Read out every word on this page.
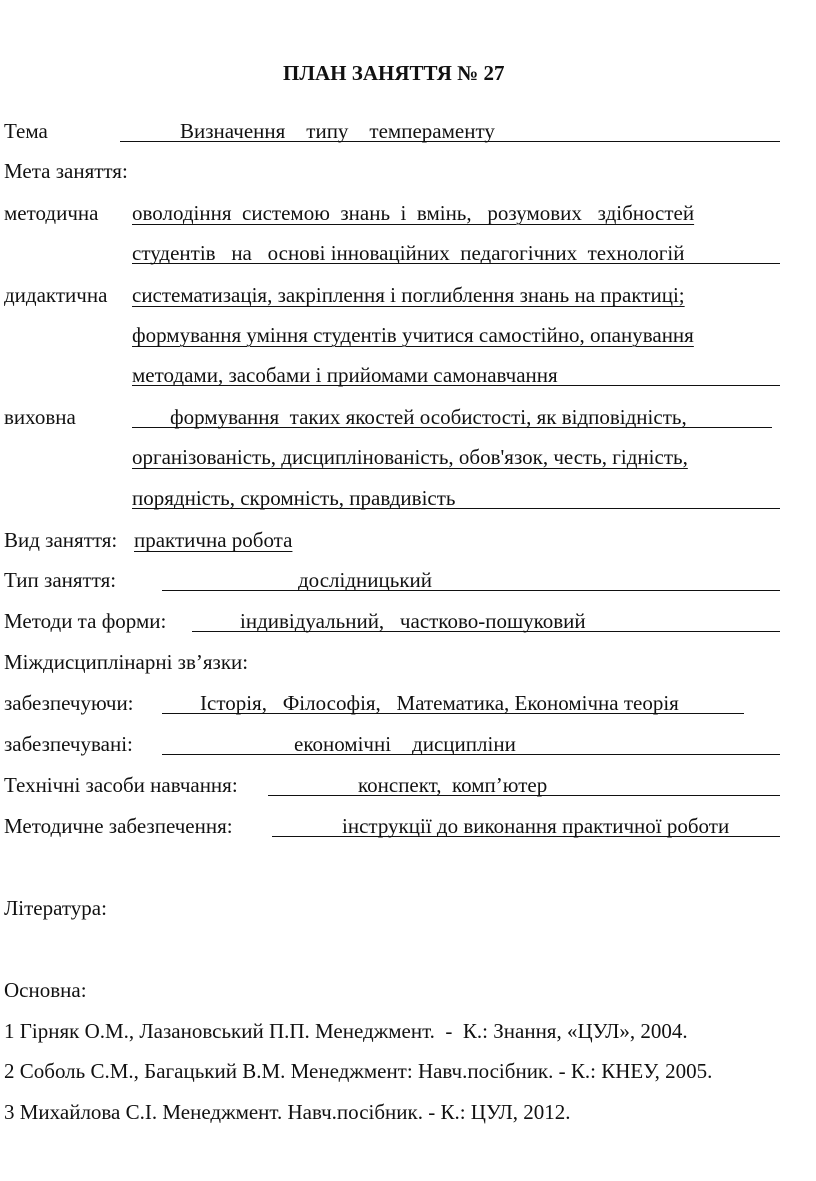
ПЛАН ЗАНЯТТЯ № 27
Тема	Визначення    типу    темпераменту
Мета заняття:
методична оволодіння  системою  знань  і  вмінь,   розумових   здібностей
студентів   на   основі інноваційних  педагогічних  технологій
дидактична систематизація, закріплення і поглиблення знань на практиці;
формування уміння студентів учитися самостійно, опанування
методами, засобами і прийомами самонавчання
виховна	формування  таких якостей особистості, як відповідність,
організованість, дисциплінованість, обов'язок, честь, гідність,
порядність, скромність, правдивість
Вид заняття: практична робота
Тип заняття:	дослідницький
Методи та форми:	індивідуальний,   частково-пошуковий
Міждисциплінарні зв’язки:
забезпечуючи:	Історія,   Філософія,   Математика, Економічна теорія
забезпечувані:	економічні    дисципліни
Технічні засоби навчання:	конспект,  комп’ютер
Методичне забезпечення:	інструкції до виконання практичної роботи
Література:
Основна:
1 Гірняк О.М., Лазановський П.П. Менеджмент.  -  К.: Знання, «ЦУЛ», 2004.
2 Соболь С.М., Багацький В.М. Менеджмент: Навч.посібник. - К.: КНЕУ, 2005.
3 Михайлова С.І. Менеджмент. Навч.посібник. - К.: ЦУЛ, 2012.
